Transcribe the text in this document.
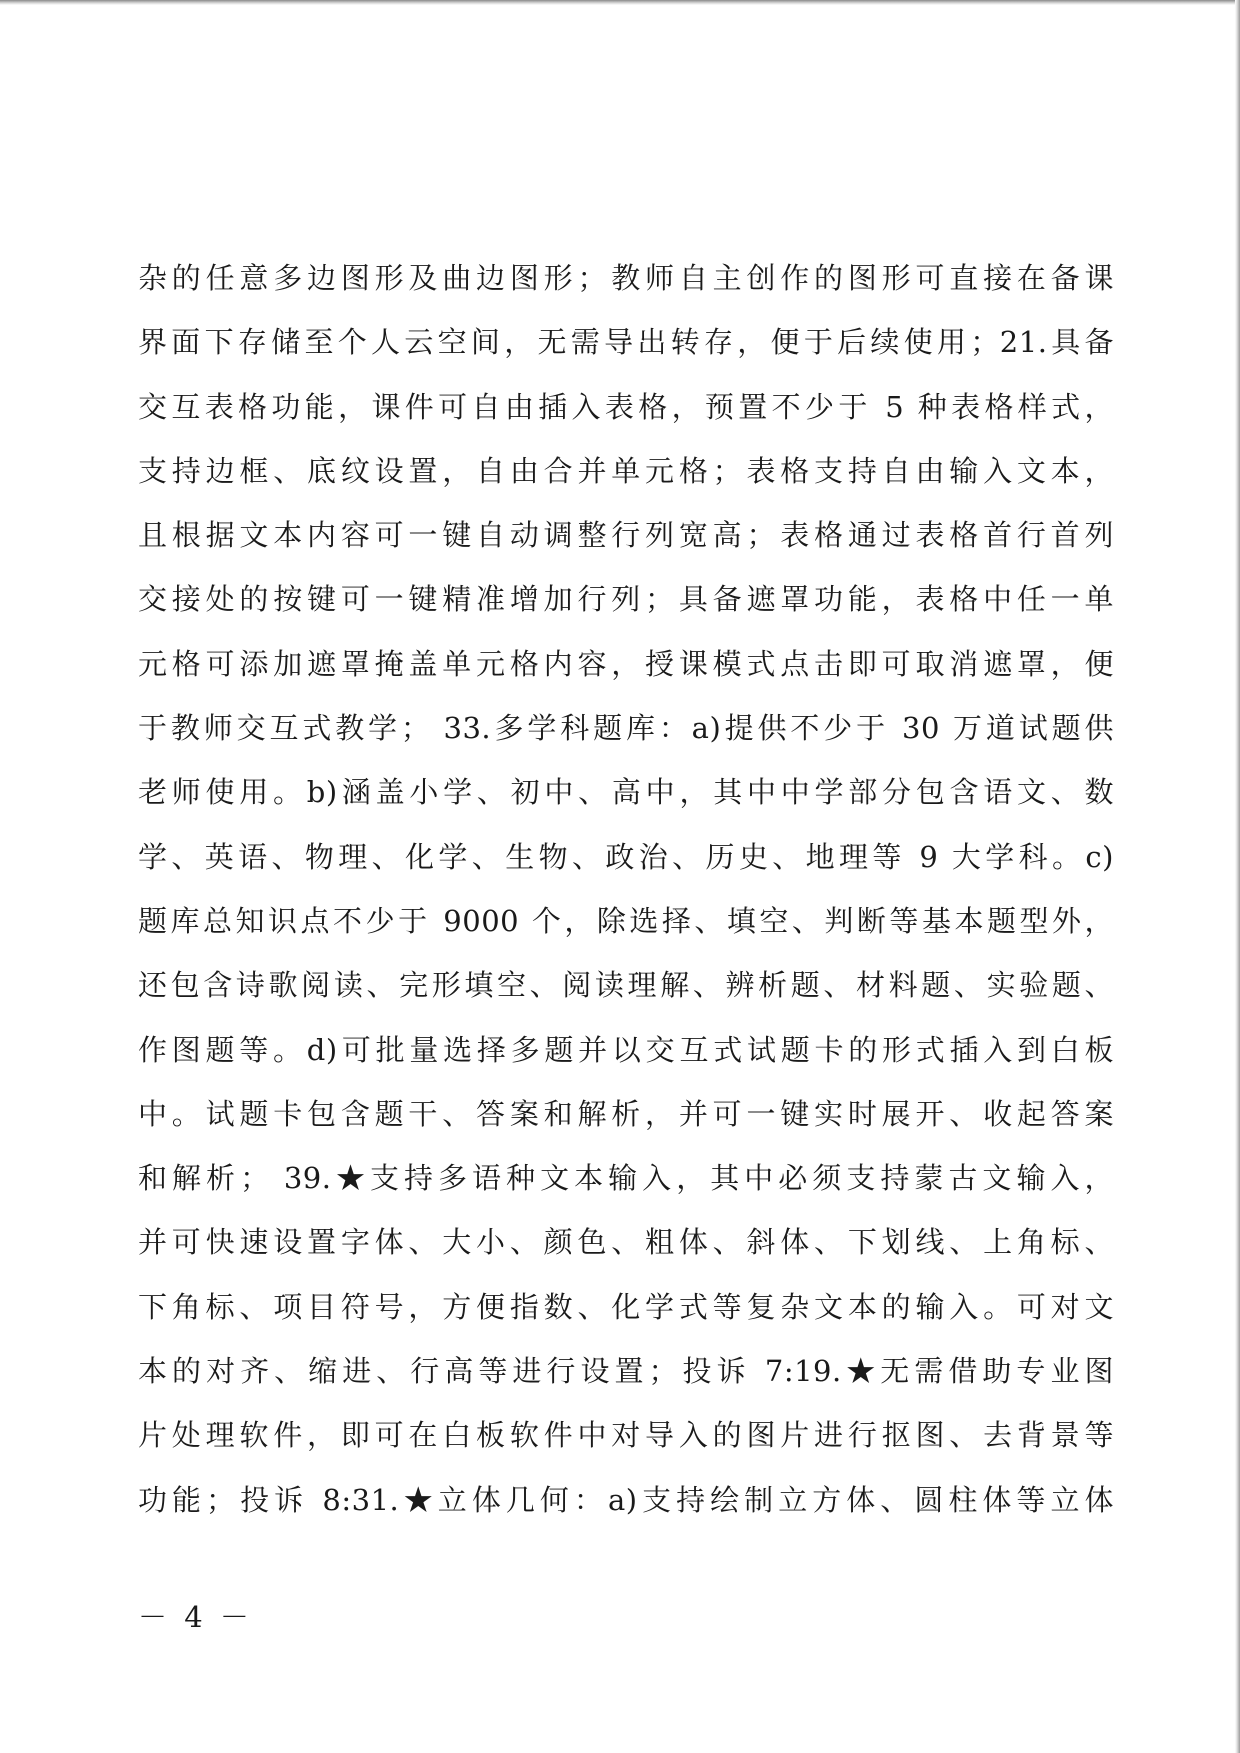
杂的任意多边图形及曲边图形；教师自主创作的图形可直接在备课
界面下存储至个人云空间，无需导出转存，便于后续使用；21.具备
交互表格功能，课件可自由插入表格，预置不少于 5 种表格样式，
支持边框、底纹设置，自由合并单元格；表格支持自由输入文本，
且根据文本内容可一键自动调整行列宽高；表格通过表格首行首列
交接处的按键可一键精准增加行列；具备遮罩功能，表格中任一单
元格可添加遮罩掩盖单元格内容，授课模式点击即可取消遮罩，便
于教师交互式教学； 33.多学科题库：a)提供不少于 30 万道试题供
老师使用。b)涵盖小学、初中、高中，其中中学部分包含语文、数
学、英语、物理、化学、生物、政治、历史、地理等 9 大学科。c)
题库总知识点不少于 9000 个，除选择、填空、判断等基本题型外，
还包含诗歌阅读、完形填空、阅读理解、辨析题、材料题、实验题、
作图题等。d)可批量选择多题并以交互式试题卡的形式插入到白板
中。试题卡包含题干、答案和解析，并可一键实时展开、收起答案
和解析； 39.★支持多语种文本输入，其中必须支持蒙古文输入，
并可快速设置字体、大小、颜色、粗体、斜体、下划线、上角标、
下角标、项目符号，方便指数、化学式等复杂文本的输入。可对文
本的对齐、缩进、行高等进行设置；投诉 7:19.★无需借助专业图
片处理软件，即可在白板软件中对导入的图片进行抠图、去背景等
功能；投诉 8:31.★立体几何：a)支持绘制立方体、圆柱体等立体
－ 4 －
